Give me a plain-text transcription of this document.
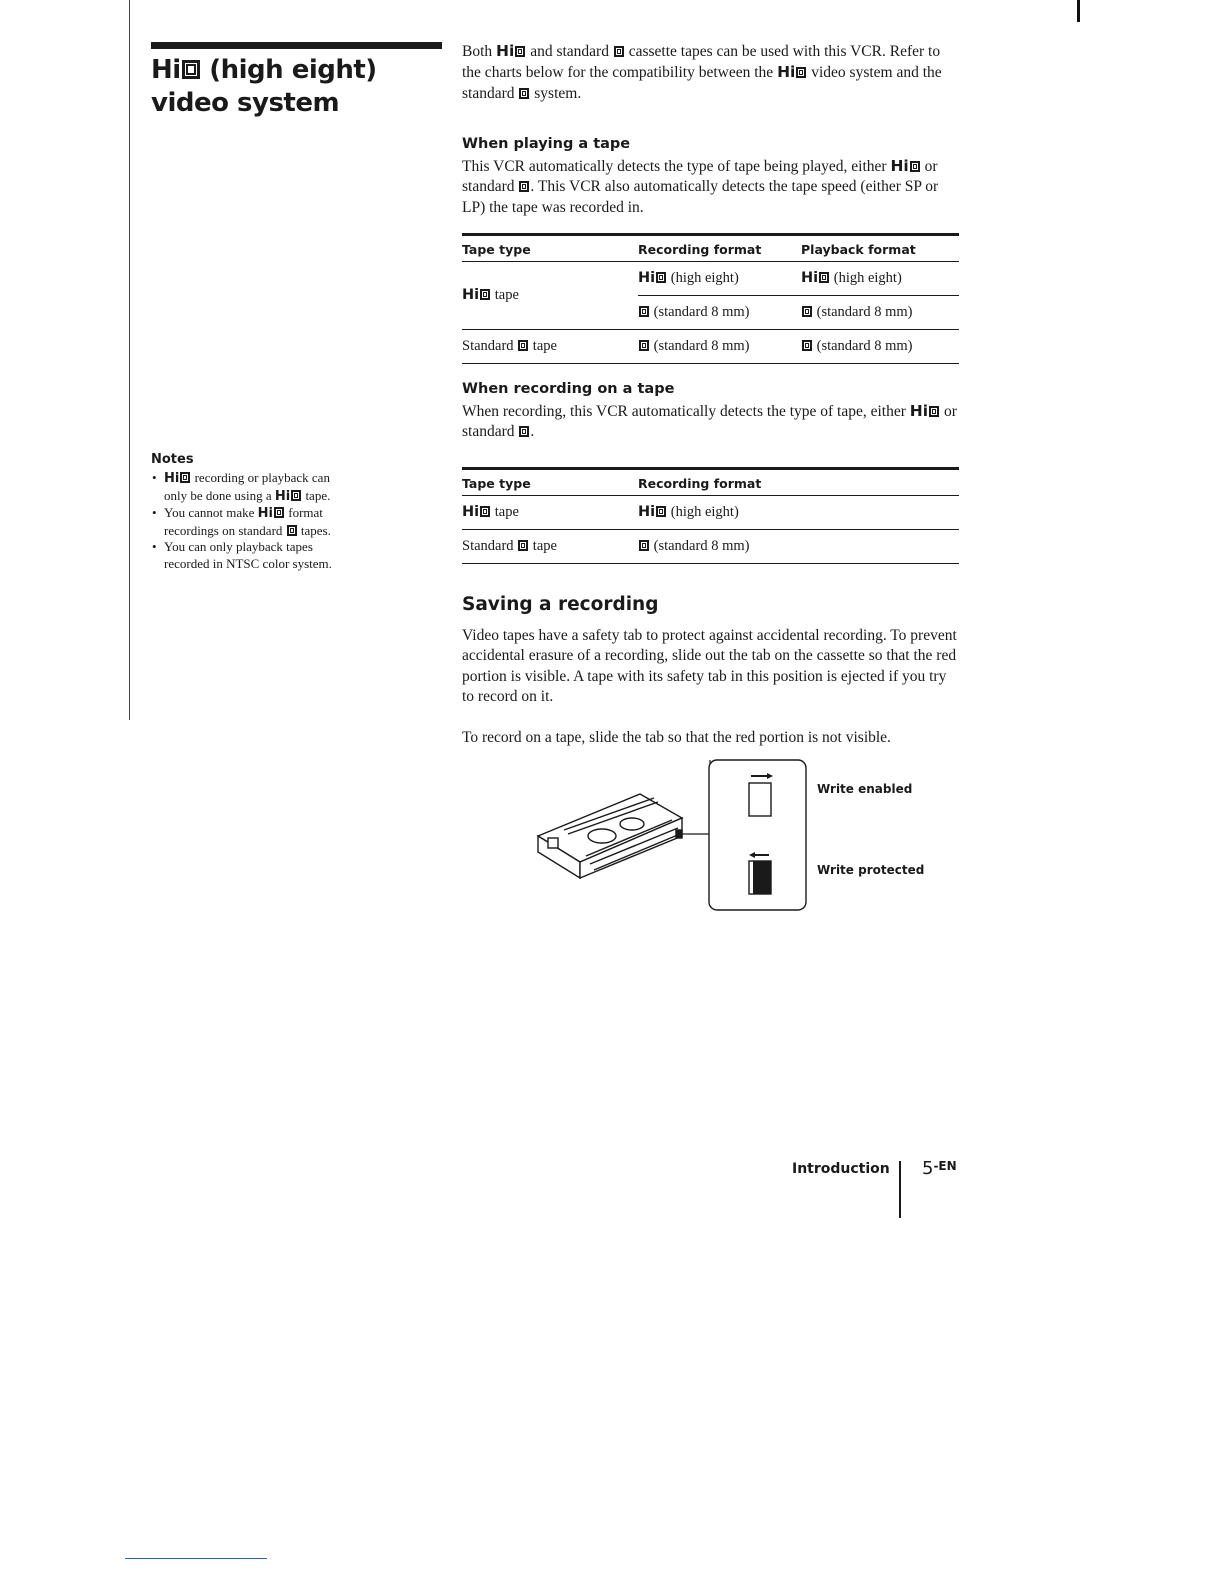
Hi (high eight)
video system
Notes
• Hi recording or playback can only be done using a Hi tape.
• You cannot make Hi format recordings on standard  tapes.
• You can only playback tapes recorded in NTSC color system.
Both Hi and standard  cassette tapes can be used with this VCR. Refer to the charts below for the compatibility between the Hi video system and the standard  system.
When playing a tape
This VCR automatically detects the type of tape being played, either Hi or standard . This VCR also automatically detects the tape speed (either SP or LP) the tape was recorded in.
Tape type	Recording format	Playback format
Hi tape	Hi (high eight)	Hi (high eight)
	(standard 8 mm)	(standard 8 mm)
Standard  tape	(standard 8 mm)	(standard 8 mm)
When recording on a tape
When recording, this VCR automatically detects the type of tape, either Hi or standard .
Tape type	Recording format
Hi tape	Hi (high eight)
Standard  tape	(standard 8 mm)
Saving a recording
Video tapes have a safety tab to protect against accidental recording. To prevent accidental erasure of a recording, slide out the tab on the cassette so that the red portion is visible. A tape with its safety tab in this position is ejected if you try to record on it.
To record on a tape, slide the tab so that the red portion is not visible.
Write enabled
Write protected
Introduction $5^{-EN}$
